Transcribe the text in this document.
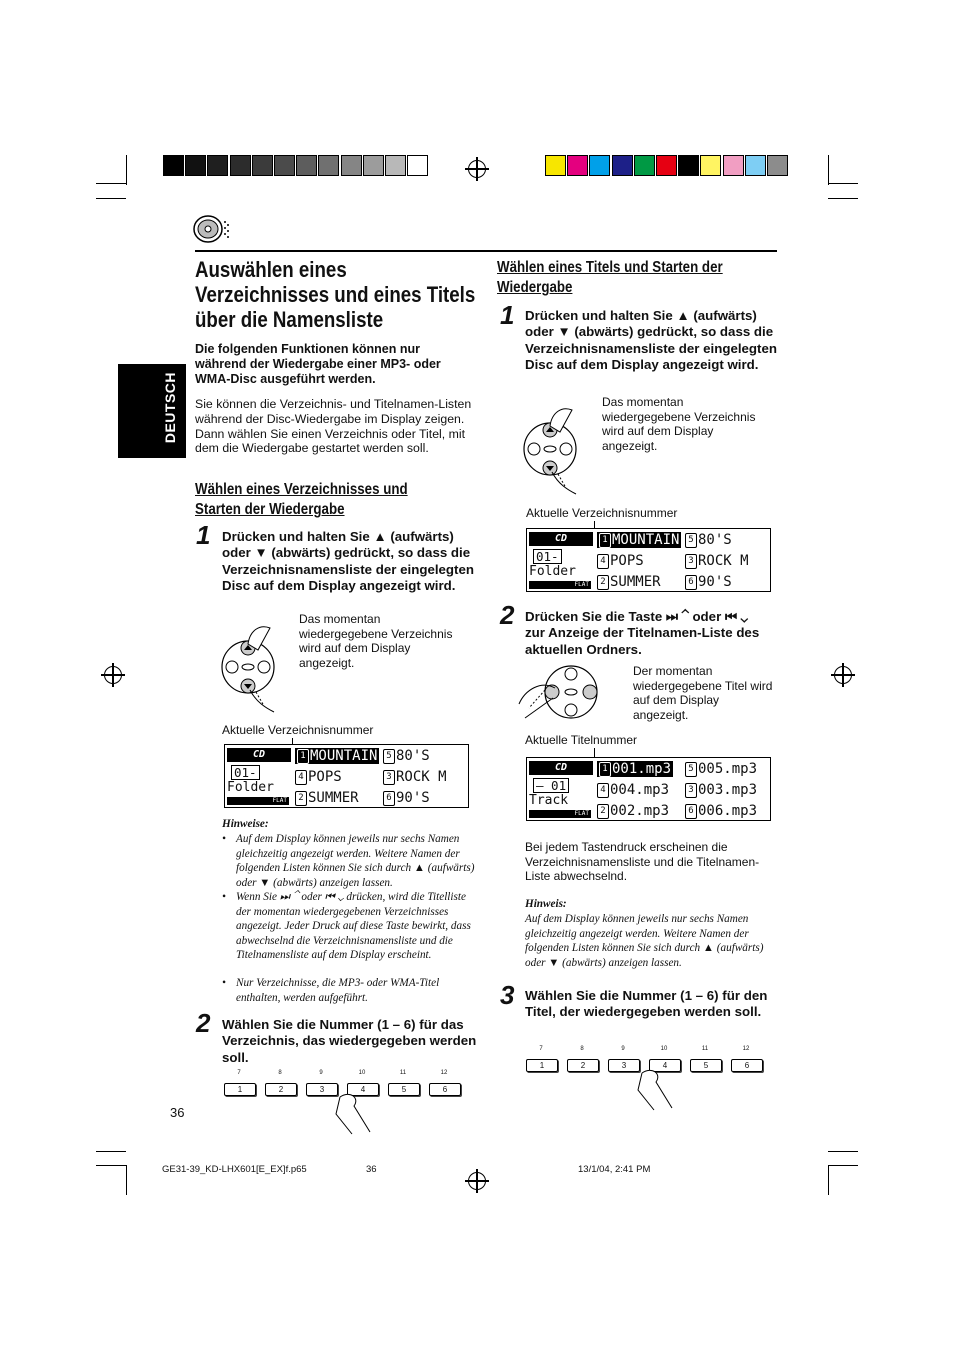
DEUTSCH
Auswählen eines Verzeichnisses und eines Titels über die Namensliste
Die folgenden Funktionen können nur während der Wiedergabe einer MP3- oder WMA-Disc ausgeführt werden.
Sie können die Verzeichnis- und Titelnamen-Listen während der Disc-Wiedergabe im Display zeigen. Dann wählen Sie einen Verzeichnis oder Titel, mit dem die Wiedergabe gestartet werden soll.
Wählen eines Verzeichnisses und Starten der Wiedergabe
1 Drücken und halten Sie ▲ (aufwärts) oder ▼ (abwärts) gedrückt, so dass die Verzeichnisnamensliste der eingelegten Disc auf dem Display angezeigt wird.
Das momentan wiedergegebene Verzeichnis wird auf dem Display angezeigt.
Aktuelle Verzeichnisnummer
CD
01-
Folder
FLAT
1 MOUNTAIN
4 POPS
2 SUMMER
5 80'S
3 ROCK M
6 90'S
Hinweise:
• Auf dem Display können jeweils nur sechs Namen gleichzeitig angezeigt werden. Weitere Namen der folgenden Listen können Sie sich durch ▲ (aufwärts) oder ▼ (abwärts) anzeigen lassen.
• Wenn Sie ⏭ ⌃ oder ⏮ ⌄ drücken, wird die Titelliste der momentan wiedergegebenen Verzeichnisses angezeigt. Jeder Druck auf diese Taste bewirkt, dass abwechselnd die Verzeichnisnamensliste und die Titelnamensliste auf dem Display erscheint.
• Nur Verzeichnisse, die MP3- oder WMA-Titel enthalten, werden aufgeführt.
2 Wählen Sie die Nummer (1 – 6) für das Verzeichnis, das wiedergegeben werden soll.
7
1
8
2
9
3
10
4
11
5
12
6
36
Wählen eines Titels und Starten der Wiedergabe
1 Drücken und halten Sie ▲ (aufwärts) oder ▼ (abwärts) gedrückt, so dass die Verzeichnisnamensliste der eingelegten Disc auf dem Display angezeigt wird.
Das momentan wiedergegebene Verzeichnis wird auf dem Display angezeigt.
Aktuelle Verzeichnisnummer
CD
01-
Folder
FLAT
1 MOUNTAIN
4 POPS
2 SUMMER
5 80'S
3 ROCK M
6 90'S
2 Drücken Sie die Taste ⏭ ⌃ oder ⏮ ⌄ zur Anzeige der Titelnamen-Liste des aktuellen Ordners.
Der momentan wiedergegebene Titel wird auf dem Display angezeigt.
Aktuelle Titelnummer
CD
– 01
Track
FLAT
1 001.mp3
4 004.mp3
2 002.mp3
5 005.mp3
3 003.mp3
6 006.mp3
Bei jedem Tastendruck erscheinen die Verzeichnisnamensliste und die Titelnamen-Liste abwechselnd.
Hinweis:
Auf dem Display können jeweils nur sechs Namen gleichzeitig angezeigt werden. Weitere Namen der folgenden Listen können Sie sich durch ▲ (aufwärts) oder ▼ (abwärts) anzeigen lassen.
3 Wählen Sie die Nummer (1 – 6) für den Titel, der wiedergegeben werden soll.
7
1
8
2
9
3
10
4
11
5
12
6
GE31-39_KD-LHX601[E_EX]f.p65	36	13/1/04, 2:41 PM
